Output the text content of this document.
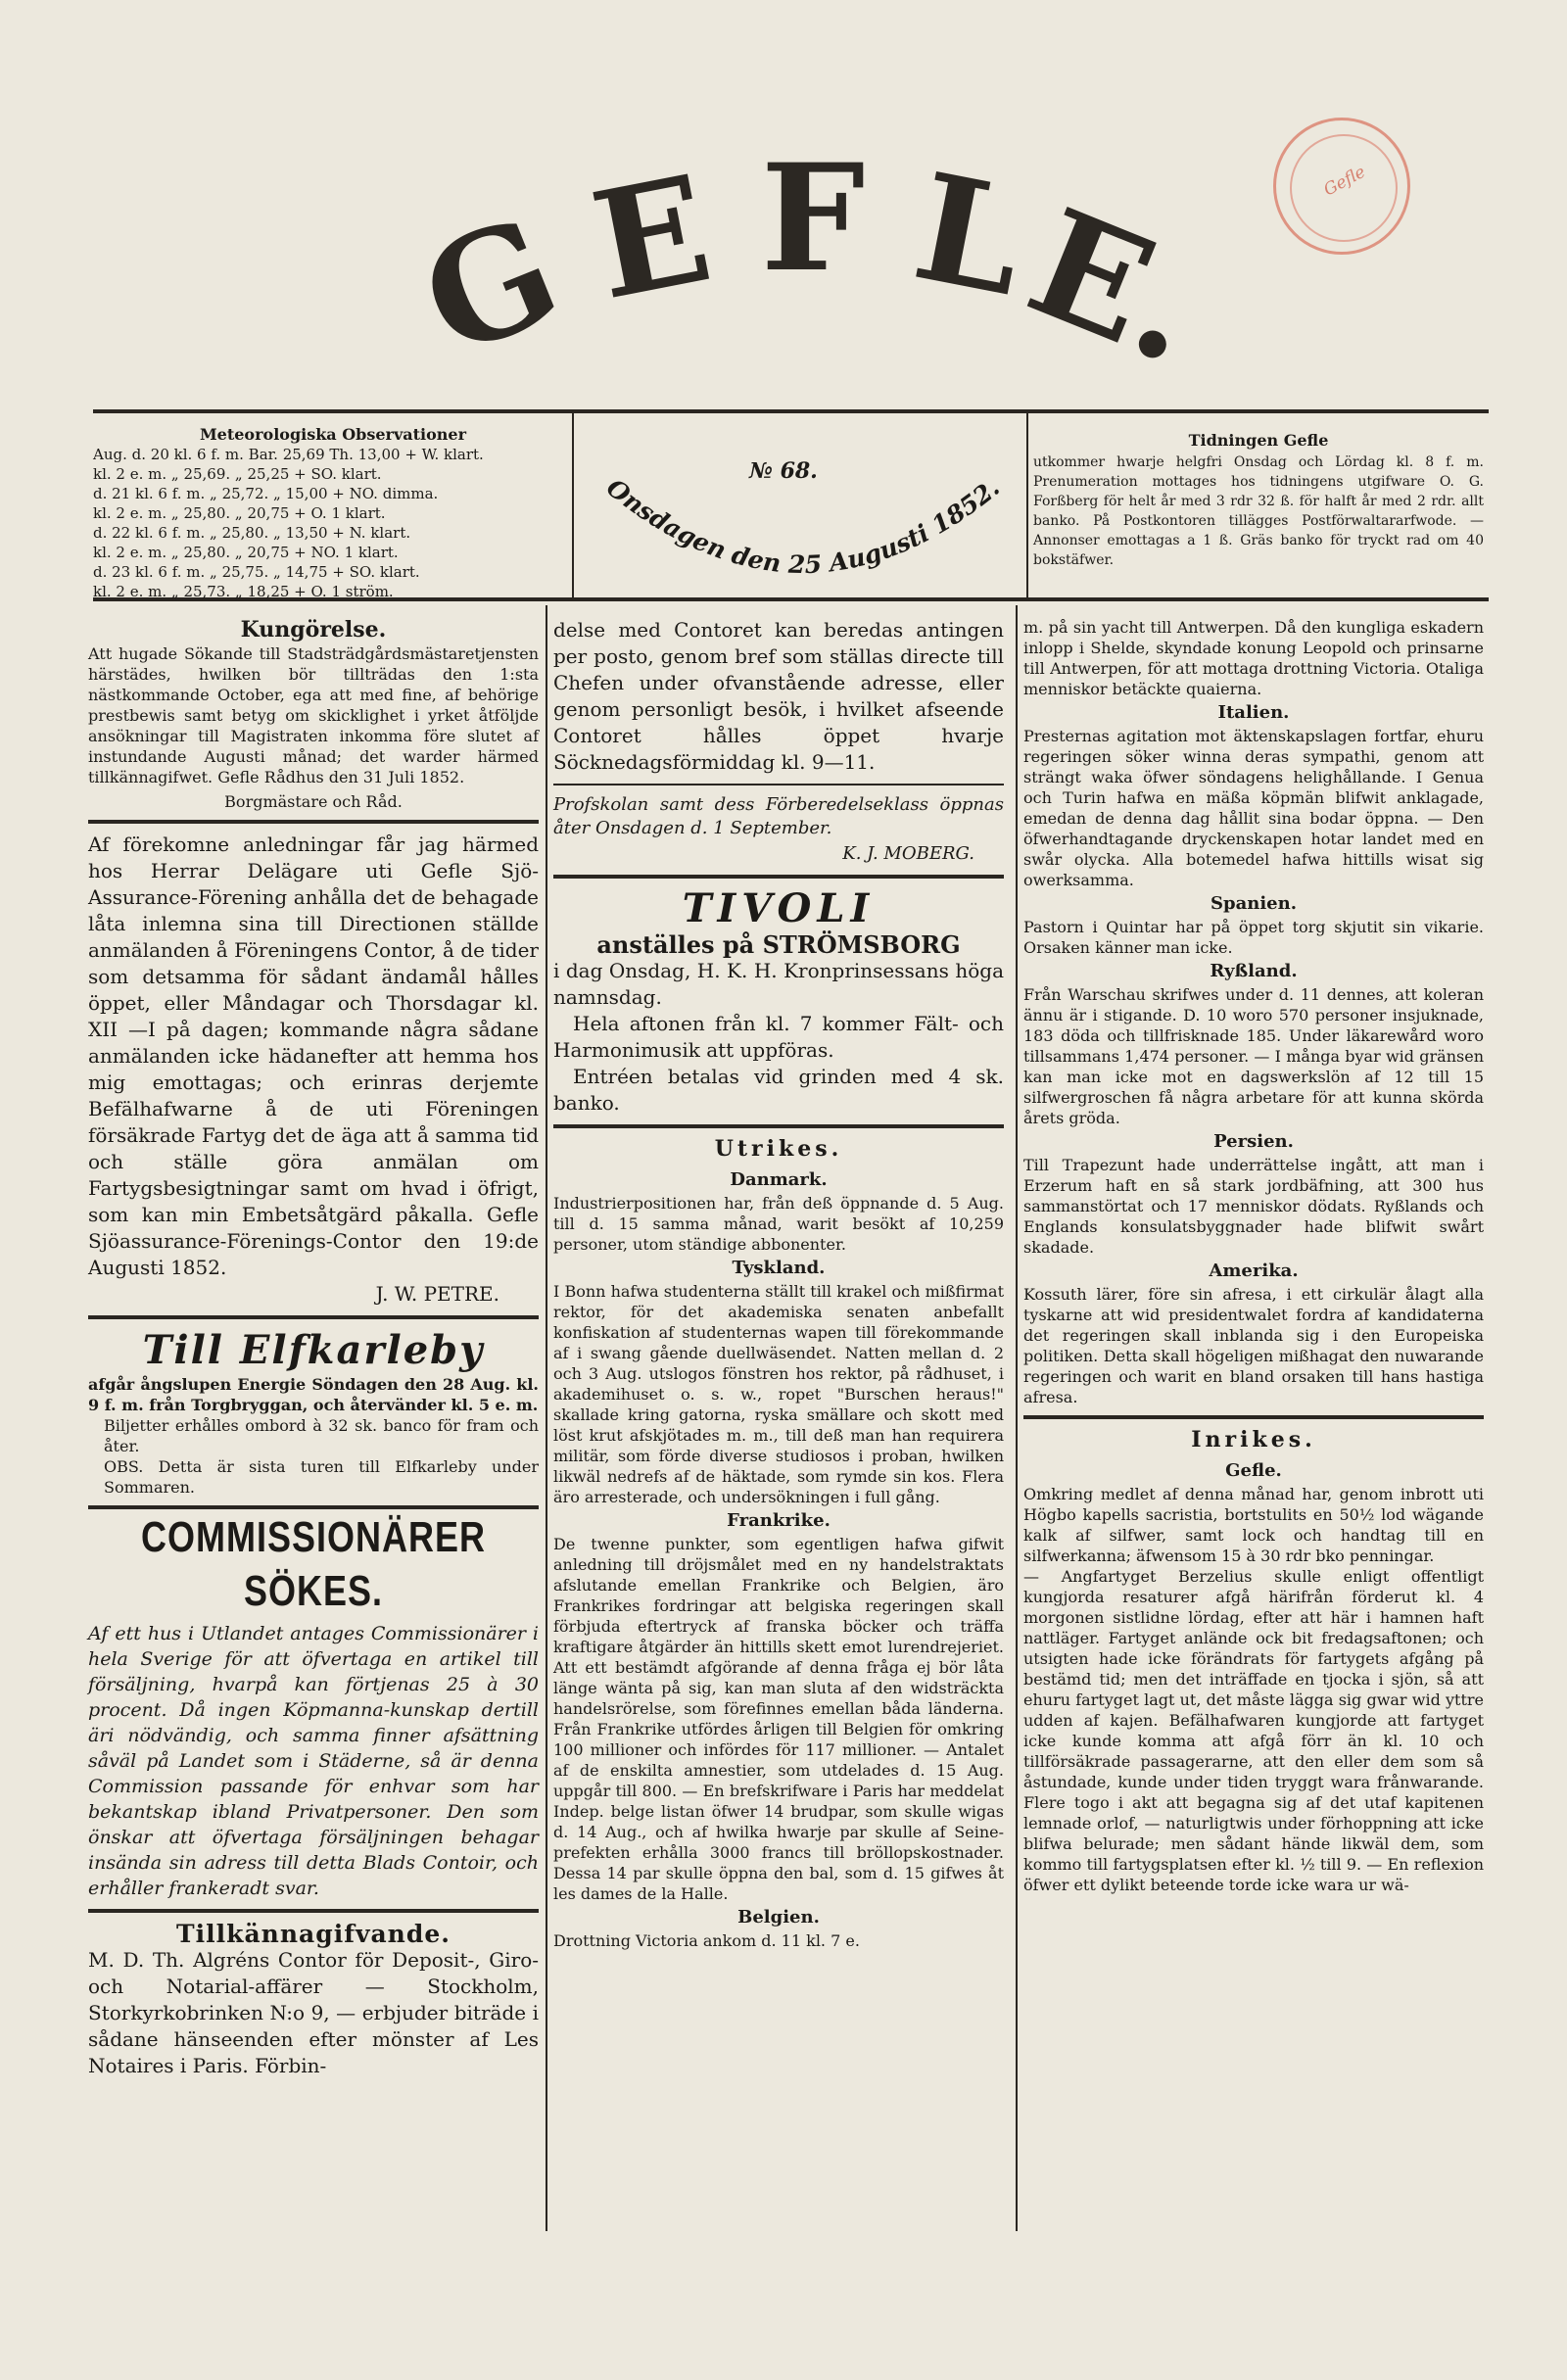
G E F L
E.	Gefle
Meteorologiska Observationer
Aug. d. 20 kl. 6 f. m. Bar. 25,69 Th. 13,00 + W. klart.
kl. 2 e. m. „ 25,69. „ 25,25 + SO. klart.
d. 21 kl. 6 f. m. „ 25,72. „ 15,00 + NO. dimma.
kl. 2 e. m. „ 25,80. „ 20,75 + O. 1 klart.
d. 22 kl. 6 f. m. „ 25,80. „ 13,50 + N. klart.
kl. 2 e. m. „ 25,80. „ 20,75 + NO. 1 klart.
d. 23 kl. 6 f. m. „ 25,75. „ 14,75 + SO. klart.
kl. 2 e. m. „ 25,73. „ 18,25 + O. 1 ström.
№ 68.
Onsdagen den 25 Augusti 1852.
Tidningen Gefle
utkommer hwarje helgfri Onsdag och Lördag kl. 8 f. m. Prenumeration mottages hos tidningens utgifware O. G. Forßberg för helt år med 3 rdr 32 ß. för halft år med 2 rdr. allt banko. På Postkontoren tillägges Postförwaltararfwode. — Annonser emottagas a 1 ß. Gräs banko för tryckt rad om 40 bokstäfwer.
Kungörelse.

Att hugade Sökande till Stadsträdgårdsmästaretjensten härstädes, hwilken bör tillträdas den 1:sta nästkommande October, ega att med fine, af behörige prestbewis samt betyg om skicklighet i yrket åtföljde ansökningar till Magistraten inkomma före slutet af instundande Augusti månad; det warder härmed tillkännagifwet. Gefle Rådhus den 31 Juli 1852.

Borgmästare och Råd.

Af förekomne anledningar får jag härmed hos Herrar Delägare uti Gefle Sjö-Assurance-Förening anhålla det de behagade låta inlemna sina till Directionen ställde anmälanden å Föreningens Contor, å de tider som detsamma för sådant ändamål hålles öppet, eller Måndagar och Thorsdagar kl. XII —I på dagen; kommande några sådane anmälanden icke hädanefter att hemma hos mig emottagas; och erinras derjemte Befälhafwarne å de uti Föreningen försäkrade Fartyg det de äga att å samma tid och ställe göra anmälan om Fartygsbesigtningar samt om hvad i öfrigt, som kan min Embetsåtgärd påkalla. Gefle Sjöassurance-Förenings-Contor den 19:de Augusti 1852.

J. W. PETRE.

Till Elfkarleby

afgår ångslupen Energie Söndagen den 28 Aug. kl. 9 f. m. från Torgbryggan, och återvänder kl. 5 e. m.

Biljetter erhålles ombord à 32 sk. banco för fram och åter.

OBS. Detta är sista turen till Elfkarleby under Sommaren.

COMMISSIONÄRER SÖKES.

Af ett hus i Utlandet antages Commissionärer i hela Sverige för att öfvertaga en artikel till försäljning, hvarpå kan förtjenas 25 à 30 procent. Då ingen Köpmanna-kunskap dertill äri nödvändig, och samma finner afsättning såväl på Landet som i Städerne, så är denna Commission passande för enhvar som har bekantskap ibland Privatpersoner. Den som önskar att öfvertaga försäljningen behagar insända sin adress till detta Blads Contoir, och erhåller frankeradt svar.

Tillkännagifvande.

M. D. Th. Algréns Contor för Deposit-, Giro- och Notarial-affärer — Stockholm, Storkyrkobrinken N:o 9, — erbjuder biträde i sådane hänseenden efter mönster af Les Notaires i Paris. Förbin-

delse med Contoret kan beredas antingen per posto, genom bref som ställas directe till Chefen under ofvanstående adresse, eller genom personligt besök, i hvilket afseende Contoret hålles öppet hvarje Söcknedagsförmiddag kl. 9—11.

Profskolan samt dess Förberedelseklass öppnas åter Onsdagen d. 1 September.

K. J. MOBERG.

TIVOLI
anställes på STRÖMSBORG

i dag Onsdag, H. K. H. Kronprinsessans höga namnsdag.

Hela aftonen från kl. 7 kommer Fält- och Harmonimusik att uppföras.

Entréen betalas vid grinden med 4 sk. banko.

Utrikes.
Danmark.

Industrierpositionen har, från deß öppnande d. 5 Aug. till d. 15 samma månad, warit besökt af 10,259 personer, utom ständige abbonenter.

Tyskland.

I Bonn hafwa studenterna ställt till krakel och mißfirmat rektor, för det akademiska senaten anbefallt konfiskation af studenternas wapen till förekommande af i swang gående duellwäsendet. Natten mellan d. 2 och 3 Aug. utslogos fönstren hos rektor, på rådhuset, i akademihuset o. s. w., ropet "Burschen heraus!" skallade kring gatorna, ryska smällare och skott med löst krut afskjötades m. m., till deß man han requirera militär, som förde diverse studiosos i proban, hwilken likwäl nedrefs af de häktade, som rymde sin kos. Flera äro arresterade, och undersökningen i full gång.

Frankrike.

De twenne punkter, som egentligen hafwa gifwit anledning till dröjsmålet med en ny handelstraktats afslutande emellan Frankrike och Belgien, äro Frankrikes fordringar att belgiska regeringen skall förbjuda eftertryck af franska böcker och träffa kraftigare åtgärder än hittills skett emot lurendrejeriet. Att ett bestämdt afgörande af denna fråga ej bör låta länge wänta på sig, kan man sluta af den widsträckta handelsrörelse, som förefinnes emellan båda länderna. Från Frankrike utfördes årligen till Belgien för omkring 100 millioner och infördes för 117 millioner. — Antalet af de enskilta amnestier, som utdelades d. 15 Aug. uppgår till 800. — En brefskrifware i Paris har meddelat Indep. belge listan öfwer 14 brudpar, som skulle wigas d. 14 Aug., och af hwilka hwarje par skulle af Seine-prefekten erhålla 3000 francs till bröllopskostnader. Dessa 14 par skulle öppna den bal, som d. 15 gifwes åt les dames de la Halle.

Belgien.

Drottning Victoria ankom d. 11 kl. 7 e.

m. på sin yacht till Antwerpen. Då den kungliga eskadern inlopp i Shelde, skyndade konung Leopold och prinsarne till Antwerpen, för att mottaga drottning Victoria. Otaliga menniskor betäckte quaierna.

Italien.

Presternas agitation mot äktenskapslagen fortfar, ehuru regeringen söker winna deras sympathi, genom att strängt waka öfwer söndagens helighållande. I Genua och Turin hafwa en mäßa köpmän blifwit anklagade, emedan de denna dag hållit sina bodar öppna. — Den öfwerhandtagande dryckenskapen hotar landet med en swår olycka. Alla botemedel hafwa hittills wisat sig owerksamma.

Spanien.

Pastorn i Quintar har på öppet torg skjutit sin vikarie. Orsaken känner man icke.

Ryßland.

Från Warschau skrifwes under d. 11 dennes, att koleran ännu är i stigande. D. 10 woro 570 personer insjuknade, 183 döda och tillfrisknade 185. Under läkarewård woro tillsammans 1,474 personer. — I många byar wid gränsen kan man icke mot en dagswerkslön af 12 till 15 silfwergroschen få några arbetare för att kunna skörda årets gröda.

Persien.

Till Trapezunt hade underrättelse ingått, att man i Erzerum haft en så stark jordbäfning, att 300 hus sammanstörtat och 17 menniskor dödats. Ryßlands och Englands konsulatsbyggnader hade blifwit swårt skadade.

Amerika.

Kossuth lärer, före sin afresa, i ett cirkulär ålagt alla tyskarne att wid presidentwalet fordra af kandidaterna det regeringen skall inblanda sig i den Europeiska politiken. Detta skall högeligen mißhagat den nuwarande regeringen och warit en bland orsaken till hans hastiga afresa.

Inrikes.
Gefle.

Omkring medlet af denna månad har, genom inbrott uti Högbo kapells sacristia, bortstulits en 50½ lod wägande kalk af silfwer, samt lock och handtag till en silfwerkanna; äfwensom 15 à 30 rdr bko penningar.

— Angfartyget Berzelius skulle enligt offentligt kungjorda resaturer afgå härifrån förderut kl. 4 morgonen sistlidne lördag, efter att här i hamnen haft nattläger. Fartyget anlände ock bit fredagsaftonen; och utsigten hade icke förändrats för fartygets afgång på bestämd tid; men det inträffade en tjocka i sjön, så att ehuru fartyget lagt ut, det måste lägga sig gwar wid yttre udden af kajen. Befälhafwaren kungjorde att fartyget icke kunde komma att afgå förr än kl. 10 och tillförsäkrade passagerarne, att den eller dem som så åstundade, kunde under tiden tryggt wara frånwarande. Flere togo i akt att begagna sig af det utaf kapitenen lemnade orlof, — naturligtwis under förhoppning att icke blifwa belurade; men sådant hände likwäl dem, som kommo till fartygsplatsen efter kl. ½ till 9. — En reflexion öfwer ett dylikt beteende torde icke wara ur wä-
